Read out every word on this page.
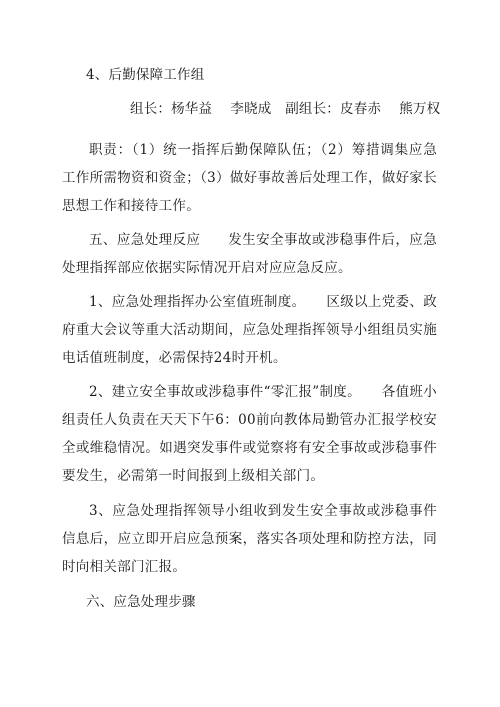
4、后勤保障工作组
组长：杨华益　 李晓成　副组长：皮春赤　 熊万权
职责：（1）统一指挥后勤保障队伍；（2）筹措调集应急工作所需物资和资金；（3）做好事故善后处理工作，做好家长思想工作和接待工作。
五、应急处理反应　　发生安全事故或涉稳事件后，应急处理指挥部应依据实际情况开启对应应急反应。
1、应急处理指挥办公室值班制度。　　区级以上党委、政府重大会议等重大活动期间，应急处理指挥领导小组组员实施电话值班制度，必需保持24时开机。
2、建立安全事故或涉稳事件“零汇报”制度。　　各值班小组责任人负责在天天下午6：00前向教体局勤管办汇报学校安全或维稳情况。如遇突发事件或觉察将有安全事故或涉稳事件要发生，必需第一时间报到上级相关部门。
3、应急处理指挥领导小组收到发生安全事故或涉稳事件信息后，应立即开启应急预案，落实各项处理和防控方法，同时向相关部门汇报。
六、应急处理步骤
